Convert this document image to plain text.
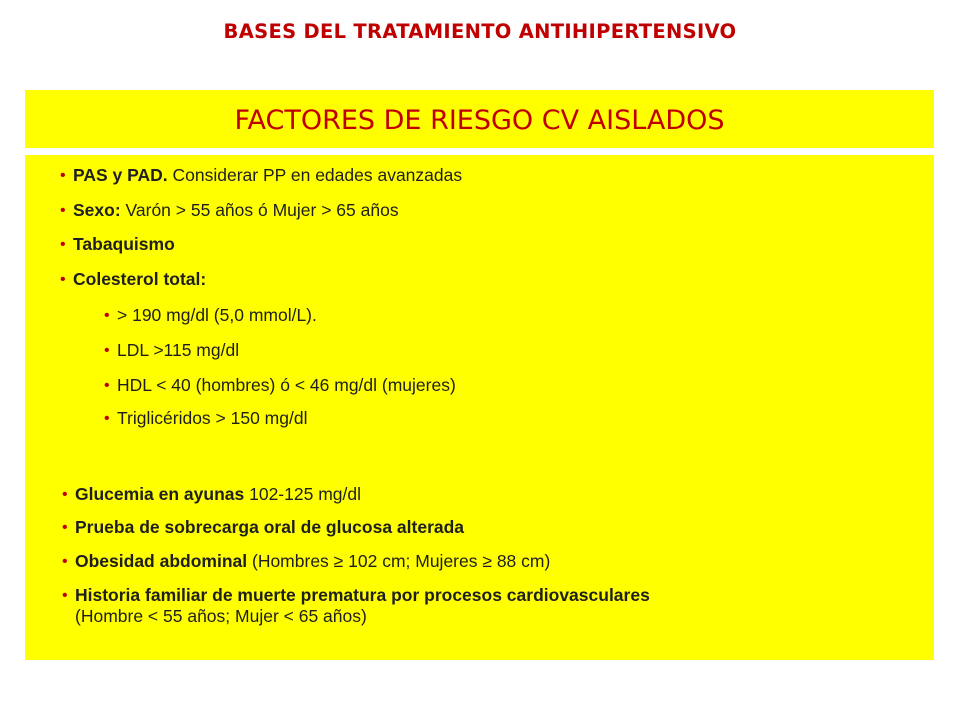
BASES DEL TRATAMIENTO ANTIHIPERTENSIVO
FACTORES DE RIESGO CV AISLADOS
• PAS y PAD. Considerar PP en edades avanzadas
• Sexo: Varón > 55 años ó Mujer > 65 años
• Tabaquismo
• Colesterol total:
• > 190 mg/dl (5,0 mmol/L).
• LDL >115 mg/dl
• HDL < 40 (hombres) ó < 46 mg/dl (mujeres)
• Triglicéridos > 150 mg/dl
• Glucemia en ayunas 102-125 mg/dl
• Prueba de sobrecarga oral de glucosa alterada
• Obesidad abdominal (Hombres ≥ 102 cm; Mujeres ≥ 88 cm)
• Historia familiar de muerte prematura por procesos cardiovasculares
(Hombre < 55 años; Mujer < 65 años)
